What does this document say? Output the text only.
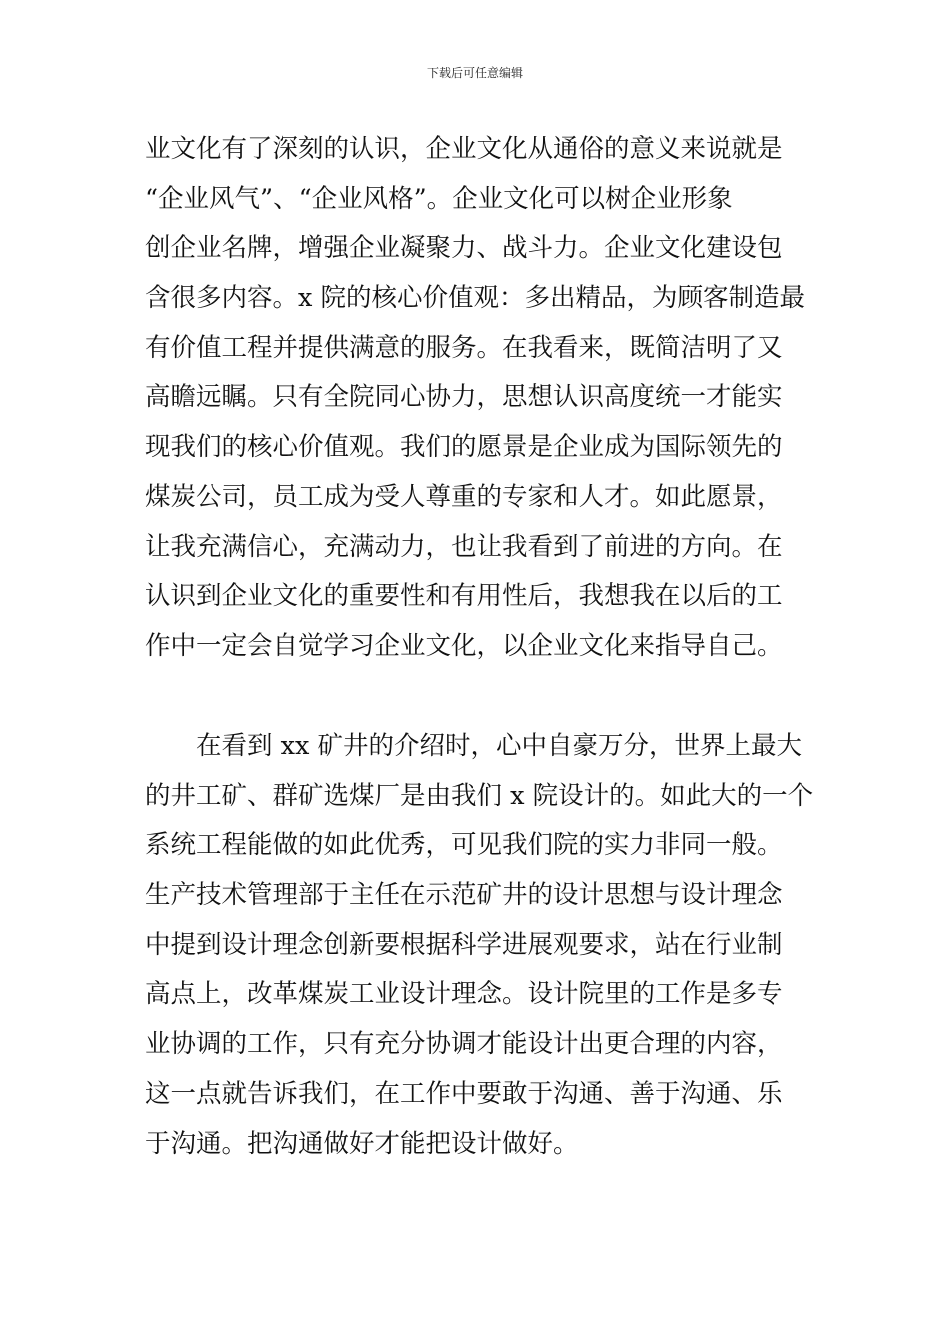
下载后可任意编辑
业文化有了深刻的认识，企业文化从通俗的意义来说就是
“企业风气”、“企业风格”。企业文化可以树企业形象
创企业名牌，增强企业凝聚力、战斗力。企业文化建设包
含很多内容。x 院的核心价值观：多出精品，为顾客制造最
有价值工程并提供满意的服务。在我看来，既简洁明了又
高瞻远瞩。只有全院同心协力，思想认识高度统一才能实
现我们的核心价值观。我们的愿景是企业成为国际领先的
煤炭公司，员工成为受人尊重的专家和人才。如此愿景，
让我充满信心，充满动力，也让我看到了前进的方向。在
认识到企业文化的重要性和有用性后，我想我在以后的工
作中一定会自觉学习企业文化，以企业文化来指导自己。
　　在看到 xx 矿井的介绍时，心中自豪万分，世界上最大
的井工矿、群矿选煤厂是由我们 x 院设计的。如此大的一个
系统工程能做的如此优秀，可见我们院的实力非同一般。
生产技术管理部于主任在示范矿井的设计思想与设计理念
中提到设计理念创新要根据科学进展观要求，站在行业制
高点上，改革煤炭工业设计理念。设计院里的工作是多专
业协调的工作，只有充分协调才能设计出更合理的内容，
这一点就告诉我们，在工作中要敢于沟通、善于沟通、乐
于沟通。把沟通做好才能把设计做好。
